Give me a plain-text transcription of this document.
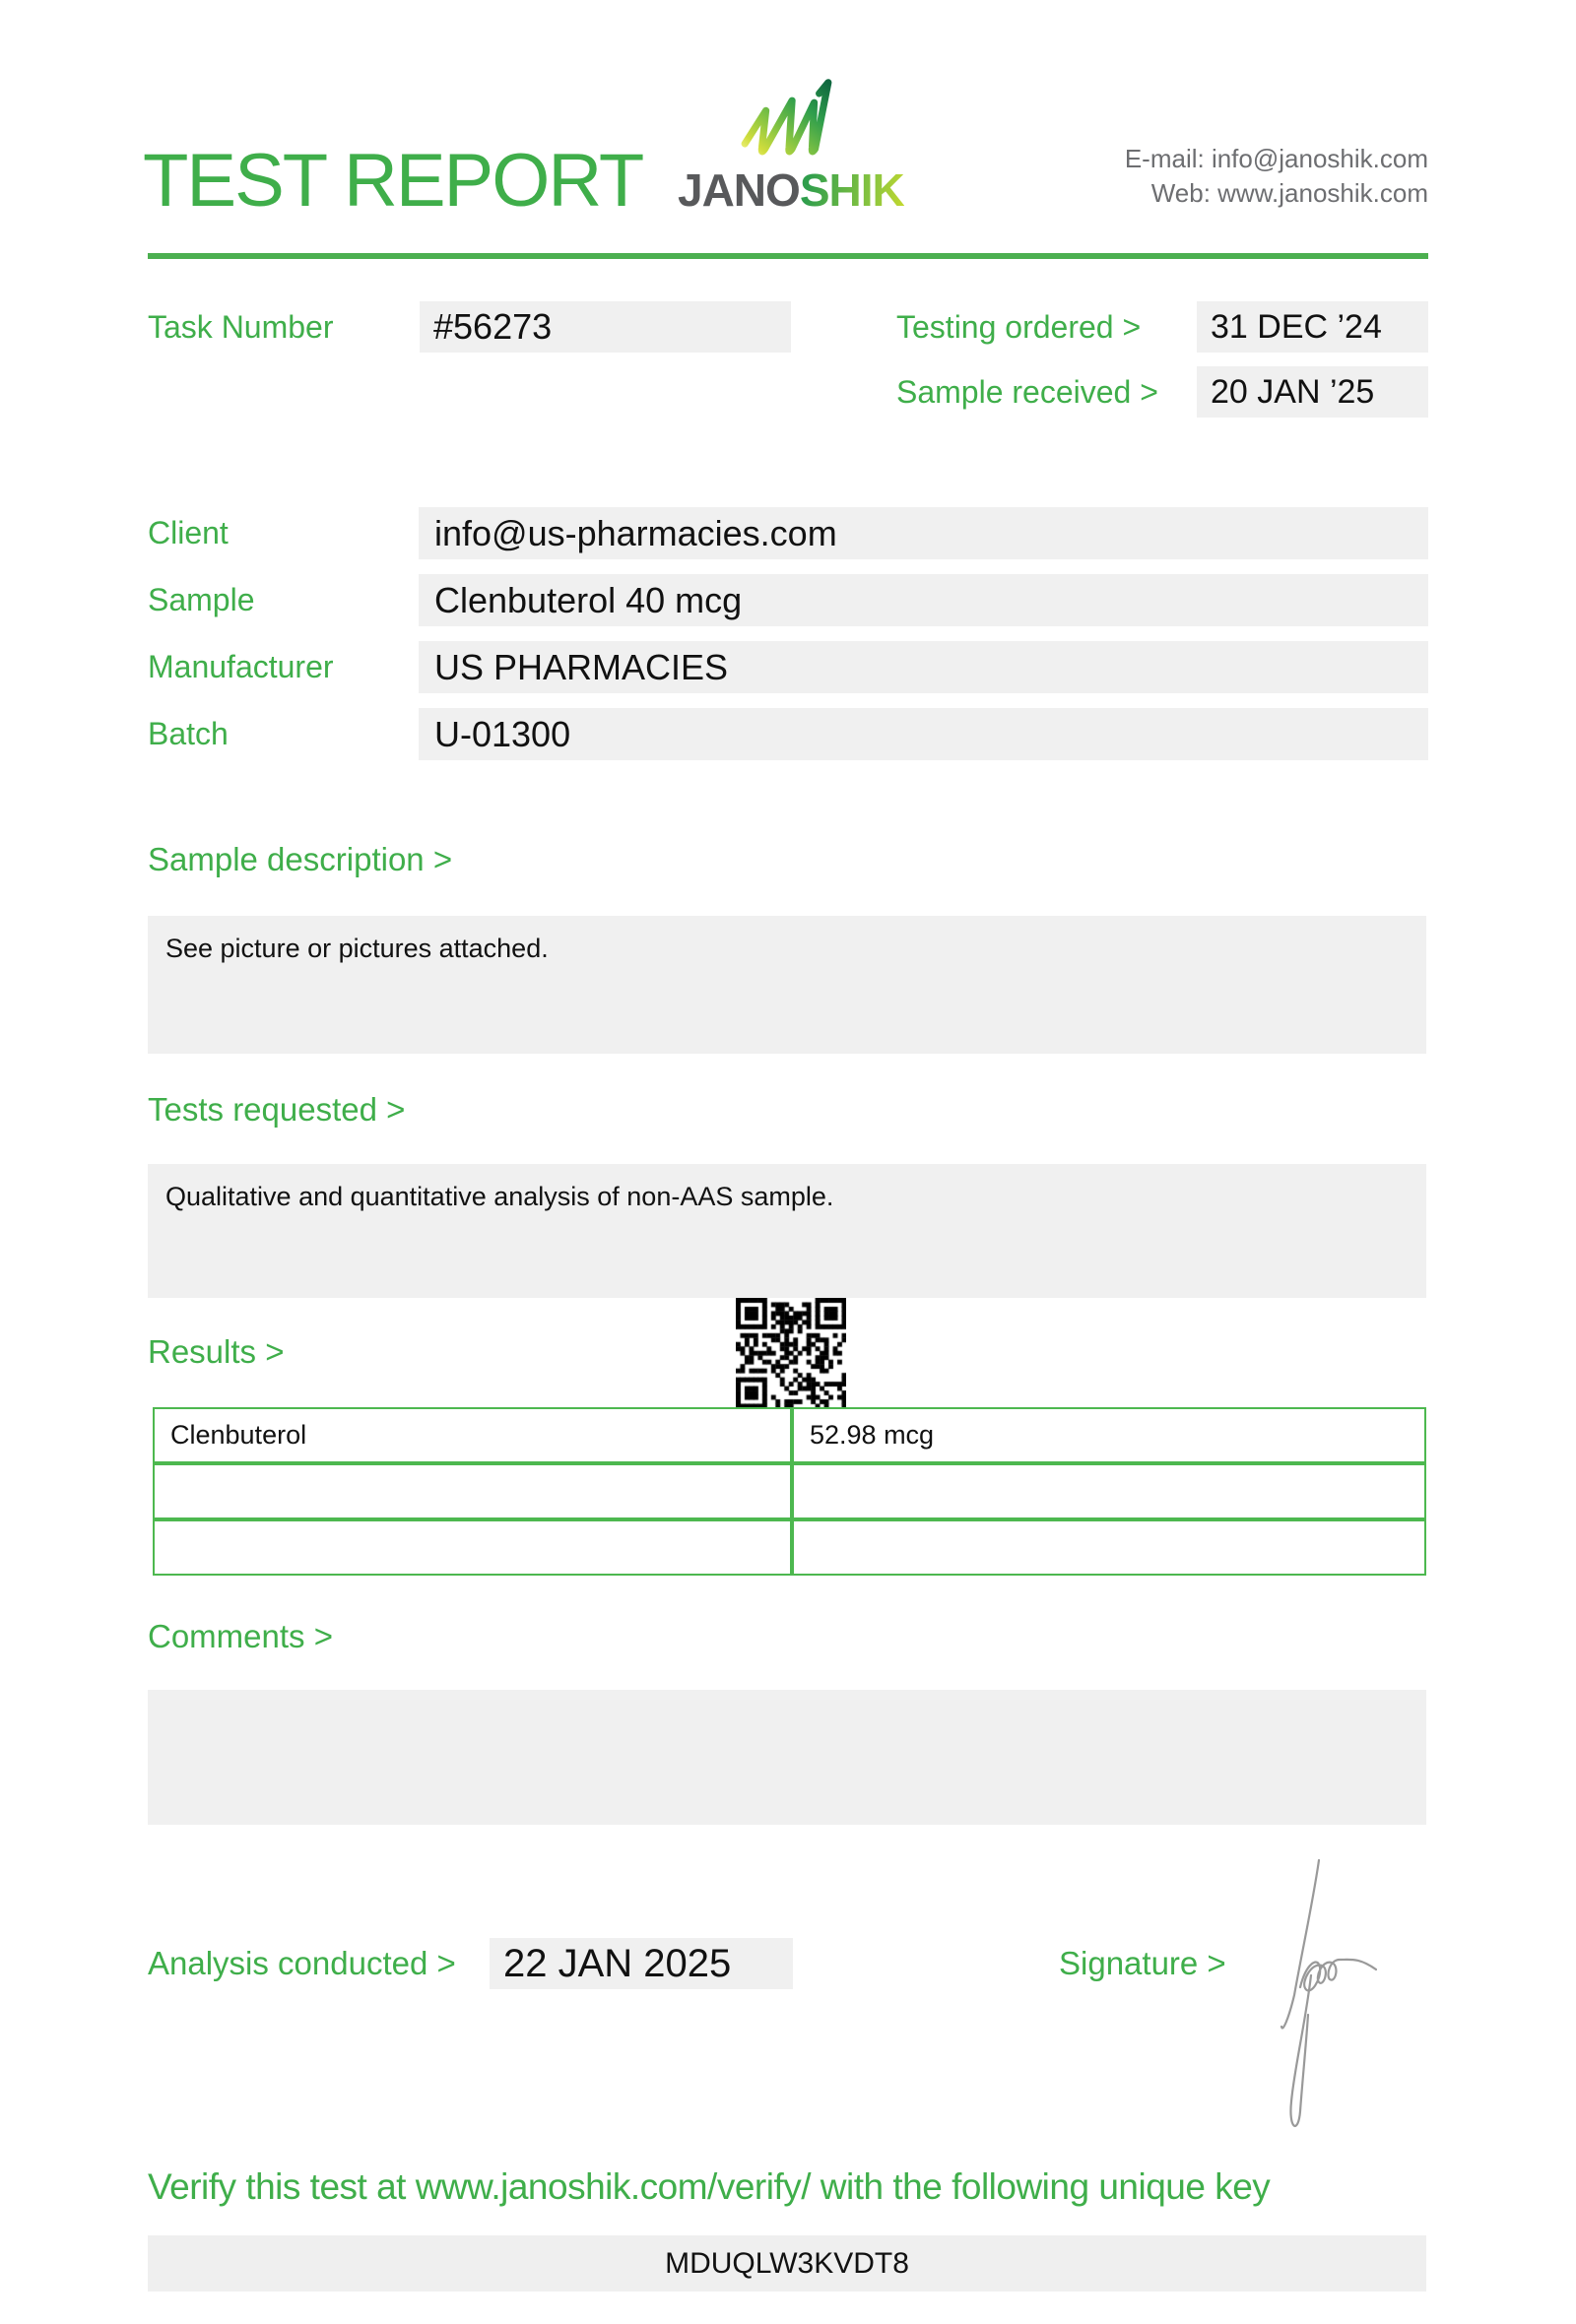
TEST REPORT JANOSHIK
E-mail: info@janoshik.com
Web: www.janoshik.com
Task Number	#56273	Testing ordered >	31 DEC ’24
Sample received >	20 JAN ’25
Client	info@us-pharmacies.com
Sample	Clenbuterol 40 mcg
Manufacturer	US PHARMACIES
Batch	U-01300
Sample description >
See picture or pictures attached.
Tests requested >
Qualitative and quantitative analysis of non-AAS sample.
Results >
Clenbuterol	52.98 mcg
Comments >
Analysis conducted >	22 JAN 2025	Signature >
Verify this test at www.janoshik.com/verify/ with the following unique key
MDUQLW3KVDT8
